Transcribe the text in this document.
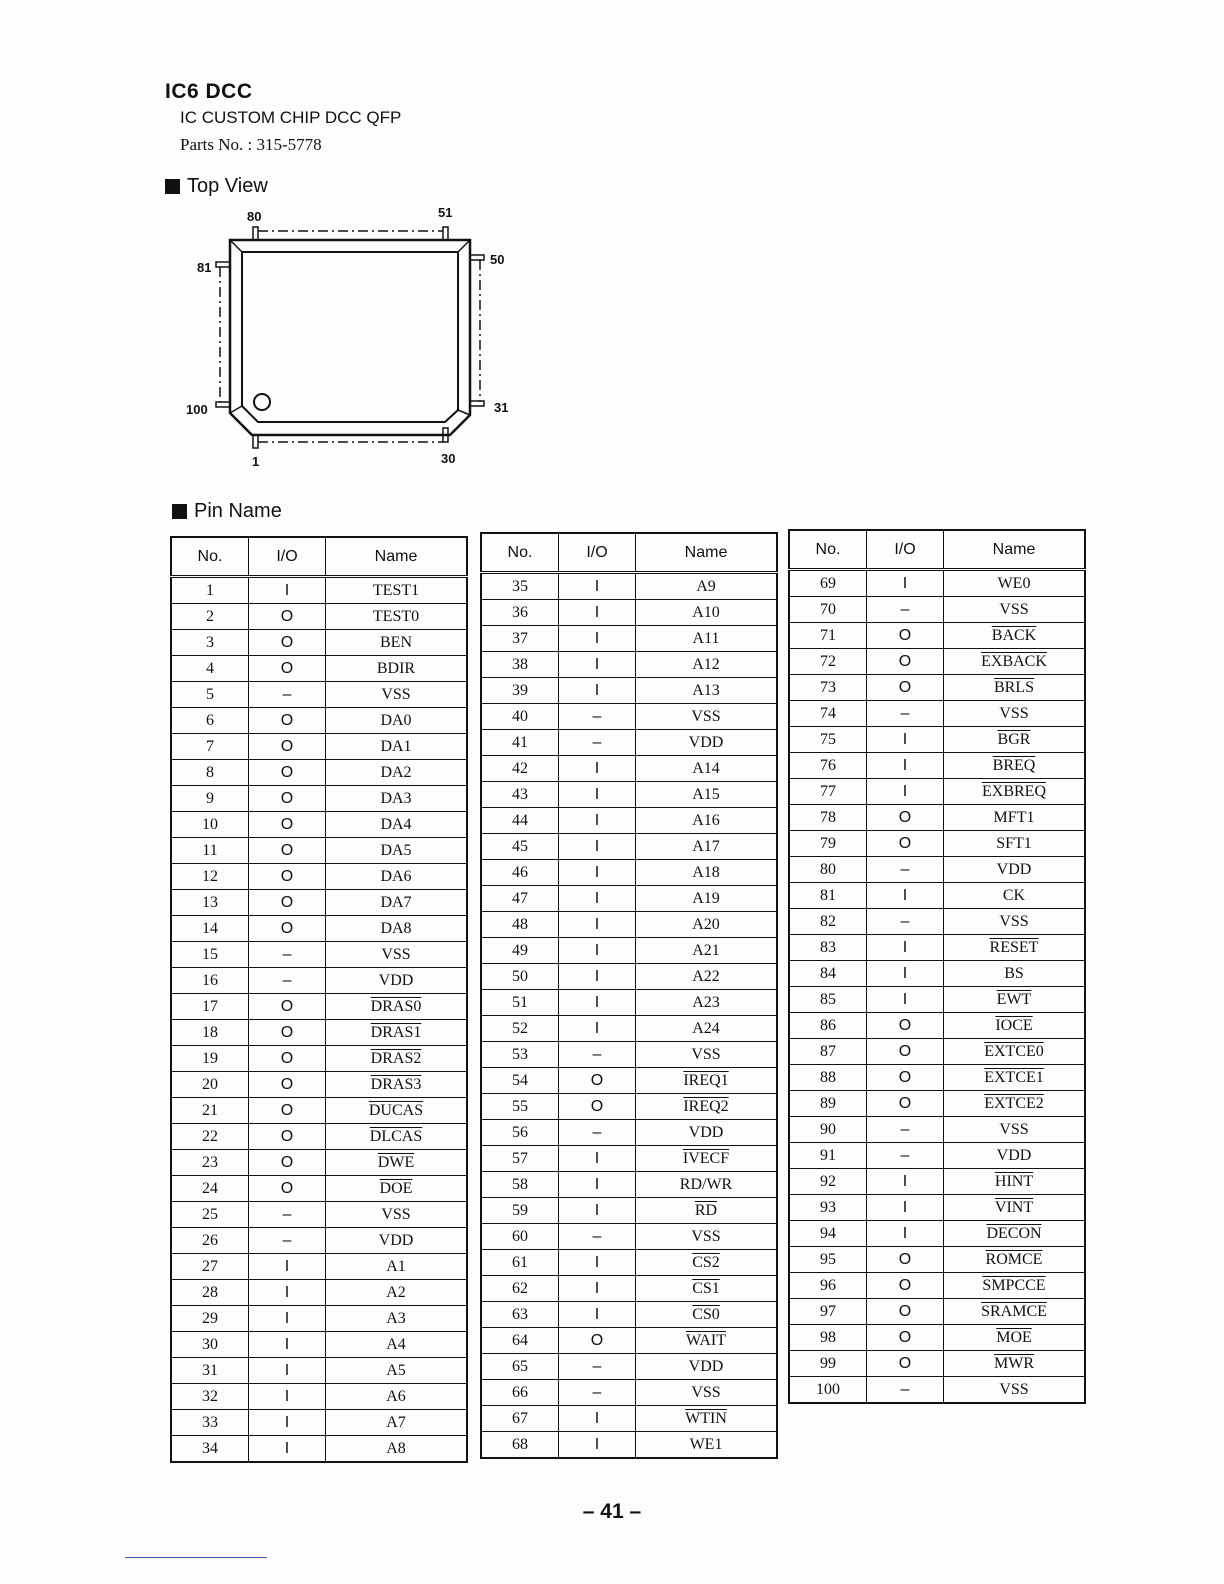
IC6 DCC
IC CUSTOM CHIP DCC QFP
Parts No. : 315-5778
Top View
80	51
81
50
100	31
1	30
Pin Name
No.	I/O	Name
1	I	TEST1
2	O	TEST0
3	O	BEN
4	O	BDIR
5	–	VSS
6	O	DA0
7	O	DA1
8	O	DA2
9	O	DA3
10	O	DA4
11	O	DA5
12	O	DA6
13	O	DA7
14	O	DA8
15	–	VSS
16	–	VDD
17	O	DRAS0
18	O	DRAS1
19	O	DRAS2
20	O	DRAS3
21	O	DUCAS
22	O	DLCAS
23	O	$\overline{DWE}$
24	O	$\overline{DOE}$
25	–	VSS
26	–	VDD
27	I	A1
28	I	A2
29	I	A3
30	I	A4
31	I	A5
32	I	A6
33	I	A7
34	I	A8
No.	I/O	Name
35	I	A9
36	I	A10
37	I	A11
38	I	A12
39	I	A13
40	–	VSS
41	–	VDD
42	I	A14
43	I	A15
44	I	A16
45	I	A17
46	I	A18
47	I	A19
48	I	A20
49	I	A21
50	I	A22
51	I	A23
52	I	A24
53	–	VSS
54	O	IREQ1
55	O	IREQ2
56	–	VDD
57	I	IVECF
58	I	RD/WR
59	I	$\overline{RD}$
60	–	VSS
61	I	CS2
62	I	CS1
63	I	CS0
64	O	WAIT
65	–	VDD
66	–	VSS
67	I	WTIN
68	I	WE1
No.	I/O	Name
69	I	WE0
70	–	VSS
71	O	BACK
72	O	EXBACK
73	O	BRLS
74	–	VSS
75	I	$\overline{BGR}$
76	I	BREQ
77	I	EXBREQ
78	O	MFT1
79	O	SFT1
80	–	VDD
81	I	CK
82	–	VSS
83	I	RESET
84	I	BS
85	I	$\overline{EWT}$
86	O	IOCE
87	O	EXTCE0
88	O	EXTCE1
89	O	EXTCE2
90	–	VSS
91	–	VDD
92	I	HINT
93	I	VINT
94	I	DECON
95	O	ROMCE
96	O	SMPCCE
97	O	SRAMCE
98	O	$\overline{MOE}$
99	O	$\overline{MWR}$
100	–	VSS
– 41 –
